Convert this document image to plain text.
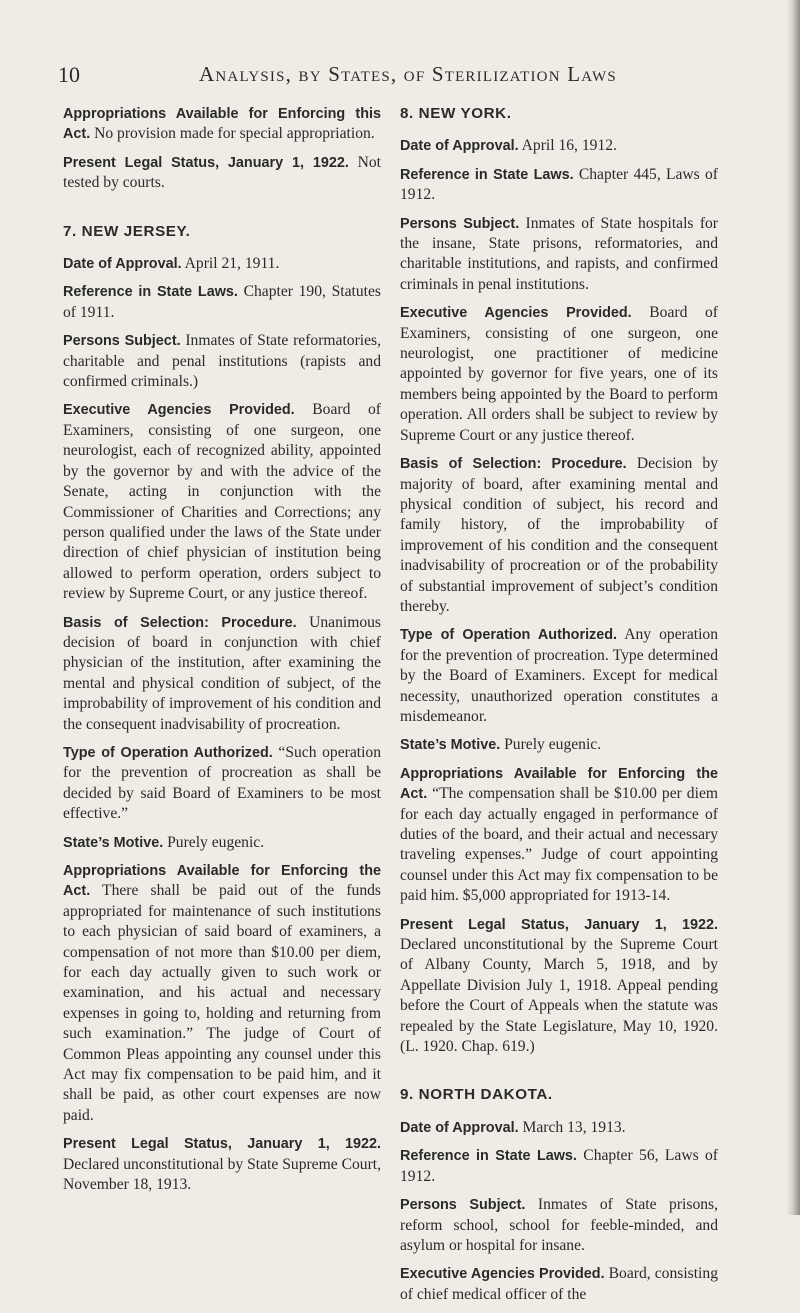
10	Analysis, by States, of Sterilization Laws

Appropriations Available for Enforcing this Act. No provision made for special appropriation.

Present Legal Status, January 1, 1922. Not tested by courts.

7. NEW JERSEY.

Date of Approval. April 21, 1911.

Reference in State Laws. Chapter 190, Statutes of 1911.

Persons Subject. Inmates of State reformatories, charitable and penal institutions (rapists and confirmed criminals.)

Executive Agencies Provided. Board of Examiners, consisting of one surgeon, one neurologist, each of recognized ability, appointed by the governor by and with the advice of the Senate, acting in conjunction with the Commissioner of Charities and Corrections; any person qualified under the laws of the State under direction of chief physician of institution being allowed to perform operation, orders subject to review by Supreme Court, or any justice thereof.

Basis of Selection: Procedure. Unanimous decision of board in conjunction with chief physician of the institution, after examining the mental and physical condition of subject, of the improbability of improvement of his condition and the consequent inadvisability of procreation.

Type of Operation Authorized. “Such operation for the prevention of procreation as shall be decided by said Board of Examiners to be most effective.”

State’s Motive. Purely eugenic.

Appropriations Available for Enforcing the Act. There shall be paid out of the funds appropriated for maintenance of such institutions to each physician of said board of examiners, a compensation of not more than $10.00 per diem, for each day actually given to such work or examination, and his actual and necessary expenses in going to, holding and returning from such examination.” The judge of Court of Common Pleas appointing any counsel under this Act may fix compensation to be paid him, and it shall be paid, as other court expenses are now paid.

Present Legal Status, January 1, 1922. Declared unconstitutional by State Supreme Court, November 18, 1913.

8. NEW YORK.

Date of Approval. April 16, 1912.

Reference in State Laws. Chapter 445, Laws of 1912.

Persons Subject. Inmates of State hospitals for the insane, State prisons, reformatories, and charitable institutions, and rapists, and confirmed criminals in penal institutions.

Executive Agencies Provided. Board of Examiners, consisting of one surgeon, one neurologist, one practitioner of medicine appointed by governor for five years, one of its members being appointed by the Board to perform operation. All orders shall be subject to review by Supreme Court or any justice thereof.

Basis of Selection: Procedure. Decision by majority of board, after examining mental and physical condition of subject, his record and family history, of the improbability of improvement of his condition and the consequent inadvisability of procreation or of the probability of substantial improvement of subject’s condition thereby.

Type of Operation Authorized. Any operation for the prevention of procreation. Type determined by the Board of Examiners. Except for medical necessity, unauthorized operation constitutes a misdemeanor.

State’s Motive. Purely eugenic.

Appropriations Available for Enforcing the Act. “The compensation shall be $10.00 per diem for each day actually engaged in performance of duties of the board, and their actual and necessary traveling expenses.” Judge of court appointing counsel under this Act may fix compensation to be paid him. $5,000 appropriated for 1913-14.

Present Legal Status, January 1, 1922. Declared unconstitutional by the Supreme Court of Albany County, March 5, 1918, and by Appellate Division July 1, 1918. Appeal pending before the Court of Appeals when the statute was repealed by the State Legislature, May 10, 1920. (L. 1920. Chap. 619.)

9. NORTH DAKOTA.

Date of Approval. March 13, 1913.

Reference in State Laws. Chapter 56, Laws of 1912.

Persons Subject. Inmates of State prisons, reform school, school for feeble-minded, and asylum or hospital for insane.

Executive Agencies Provided. Board, consisting of chief medical officer of the
